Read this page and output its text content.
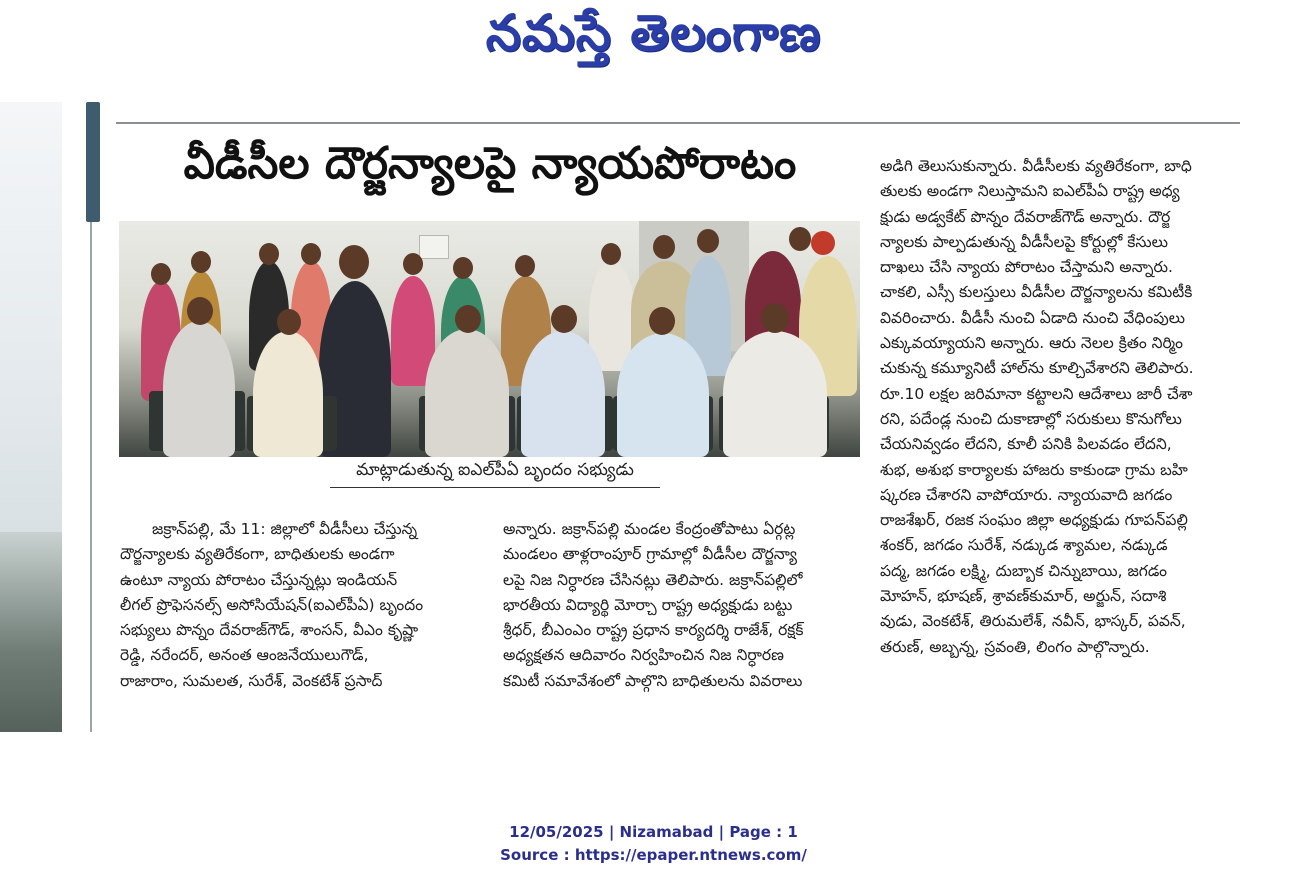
నమస్తే తెలంగాణ
వీడీసీల దౌర్జన్యాలపై న్యాయపోరాటం
మాట్లాడుతున్న ఐఎల్‌పీఏ బృందం సభ్యుడు

జక్రాన్‌పల్లి, మే 11: జిల్లాలో వీడీసీలు చేస్తున్న

దౌర్జన్యాలకు వ్యతిరేకంగా, బాధితులకు అండగా

ఉంటూ న్యాయ పోరాటం చేస్తున్నట్లు ఇండియన్

లీగల్ ప్రొఫెసనల్స్ అసోసియేషన్(ఐఎల్‌పీఏ) బృందం

సభ్యులు పొన్నం దేవరాజ్‌గౌడ్, శాంసన్, వీఎం కృష్ణా

రెడ్డి, నరేందర్, అనంత ఆంజనేయులుగౌడ్,

రాజారాం, సుమలత, సురేశ్, వెంకటేశ్ ప్రసాద్

అన్నారు. జక్రాన్‌పల్లి మండల కేంద్రంతోపాటు ఏర్గట్ల

మండలం తాళ్లరాంపూర్ గ్రామాల్లో వీడీసీల దౌర్జన్యా

లపై నిజ నిర్ధారణ చేసినట్లు తెలిపారు. జక్రాన్‌పల్లిలో

భారతీయ విద్యార్థి మోర్చా రాష్ట్ర అధ్యక్షుడు బట్టు

శ్రీధర్, బీఎంఎం రాష్ట్ర ప్రధాన కార్యదర్శి రాజేశ్, రక్షక్

అధ్యక్షతన ఆదివారం నిర్వహించిన నిజ నిర్ధారణ

కమిటీ సమావేశంలో పాల్గొని బాధితులను వివరాలు

అడిగి తెలుసుకున్నారు. వీడీసీలకు వ్యతిరేకంగా, బాధి

తులకు అండగా నిలుస్తామని ఐఎల్‌పీఏ రాష్ట్ర అధ్య

క్షుడు అడ్వకేట్ పొన్నం దేవరాజ్‌గౌడ్ అన్నారు. దౌర్జ

న్యాలకు పాల్పడుతున్న వీడీసీలపై కోర్టుల్లో కేసులు

దాఖలు చేసి న్యాయ పోరాటం చేస్తామని అన్నారు.

చాకలి, ఎస్సీ కులస్తులు వీడీసీల దౌర్జన్యాలను కమిటీకి

వివరించారు. వీడీసీ నుంచి ఏడాది నుంచి వేధింపులు

ఎక్కువయ్యాయని అన్నారు. ఆరు నెలల క్రితం నిర్మిం

చుకున్న కమ్యూనిటీ హాల్‌ను కూల్చివేశారని తెలిపారు.

రూ.10 లక్షల జరిమానా కట్టాలని ఆదేశాలు జారీ చేశా

రని, పదేండ్ల నుంచి దుకాణాల్లో సరుకులు కొనుగోలు

చేయనివ్వడం లేదని, కూలీ పనికి పిలవడం లేదని,

శుభ, అశుభ కార్యాలకు హాజరు కాకుండా గ్రామ బహి

ష్కరణ చేశారని వాపోయారు. న్యాయవాది జగడం

రాజశేఖర్, రజక సంఘం జిల్లా అధ్యక్షుడు గూపన్‌పల్లి

శంకర్, జగడం సురేశ్, నడ్కుడ శ్యామల, నడ్కుడ

పద్మ, జగడం లక్ష్మి, దుబ్బాక చిన్నుబాయి, జగడం

మోహన్, భూషణ్, శ్రావణ్‌కుమార్, అర్జున్, సదాశి

వుడు, వెంకటేశ్, తిరుమలేశ్, నవీన్, భాస్కర్, పవన్,

తరుణ్, అబ్బన్న, స్రవంతి, లింగం పాల్గొన్నారు.

12/05/2025 | Nizamabad | Page : 1
Source : https://epaper.ntnews.com/
